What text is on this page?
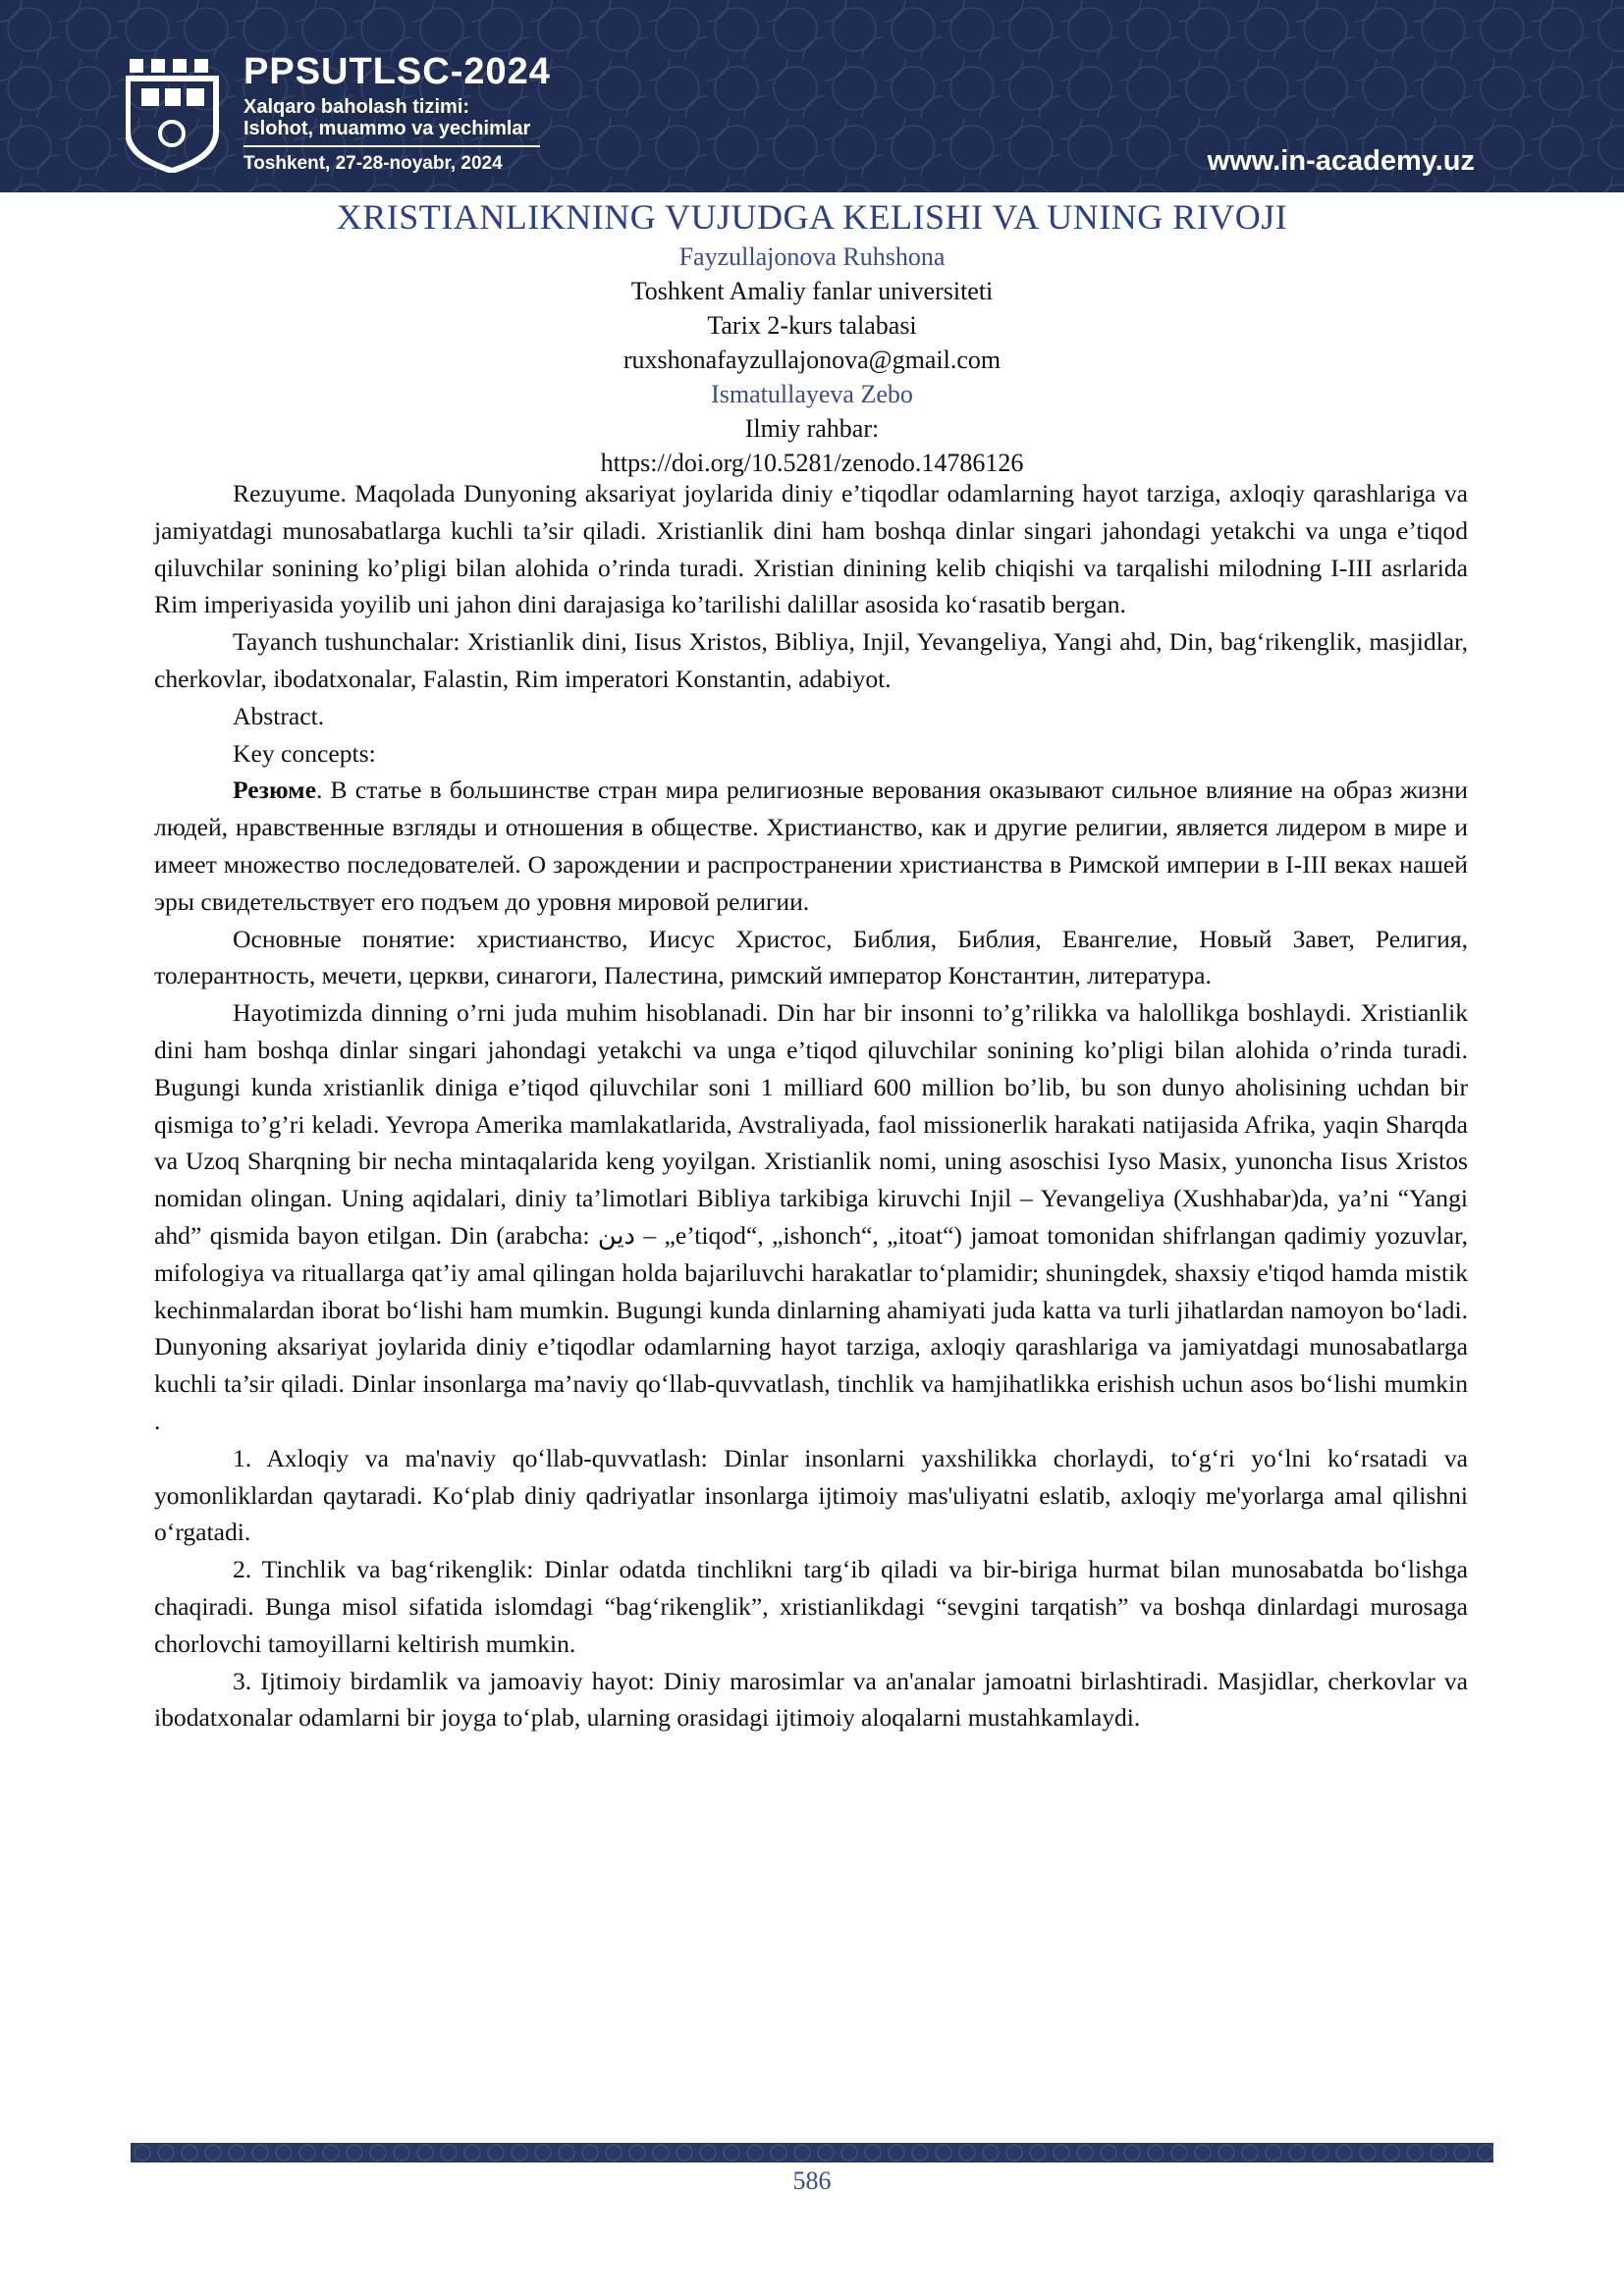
PPSUTLSC-2024
Xalqaro baholash tizimi:
Islohot, muammo va yechimlar
Toshkent, 27-28-noyabr, 2024	www.in-academy.uz

XRISTIANLIKNING VUJUDGA KELISHI VA UNING RIVOJI

Fayzullajonova Ruhshona

Toshkent Amaliy fanlar universiteti

Tarix 2-kurs talabasi

ruxshonafayzullajonova@gmail.com

Ismatullayeva Zebo

Ilmiy rahbar:

https://doi.org/10.5281/zenodo.14786126

Rezuyume. Maqolada Dunyoning aksariyat joylarida diniy e’tiqodlar odamlarning hayot tarziga, axloqiy qarashlariga va jamiyatdagi munosabatlarga kuchli ta’sir qiladi. Xristianlik dini ham boshqa dinlar singari jahondagi yetakchi va unga e’tiqod qiluvchilar sonining ko’pligi bilan alohida o’rinda turadi. Xristian dinining kelib chiqishi va tarqalishi milodning I-III asrlarida Rim imperiyasida yoyilib uni jahon dini darajasiga ko’tarilishi dalillar asosida ko‘rasatib bergan.

Tayanch tushunchalar: Xristianlik dini, Iisus Xristos, Bibliya, Injil, Yevangeliya, Yangi ahd, Din, bag‘rikenglik, masjidlar, cherkovlar, ibodatxonalar, Falastin, Rim imperatori Konstantin, adabiyot.

Abstract.

Key concepts:

Резюме. В статье в большинстве стран мира религиозные верования оказывают сильное влияние на образ жизни людей, нравственные взгляды и отношения в обществе. Христианство, как и другие религии, является лидером в мире и имеет множество последователей. О зарождении и распространении христианства в Римской империи в I-III веках нашей эры свидетельствует его подъем до уровня мировой религии.

Основные понятие: христианство, Иисус Христос, Библия, Библия, Евангелие, Новый Завет, Религия, толерантность, мечети, церкви, синагоги, Палестина, римский император Константин, литература.

Hayotimizda dinning o’rni juda muhim hisoblanadi. Din har bir insonni to’g’rilikka va halollikga boshlaydi. Xristianlik dini ham boshqa dinlar singari jahondagi yetakchi va unga e’tiqod qiluvchilar sonining ko’pligi bilan alohida o’rinda turadi. Bugungi kunda xristianlik diniga e’tiqod qiluvchilar soni 1 milliard 600 million bo’lib, bu son dunyo aholisining uchdan bir qismiga to’g’ri keladi. Yevropa Amerika mamlakatlarida, Avstraliyada, faol missionerlik harakati natijasida Afrika, yaqin Sharqda va Uzoq Sharqning bir necha mintaqalarida keng yoyilgan. Xristianlik nomi, uning asoschisi Iyso Masix, yunoncha Iisus Xristos nomidan olingan. Uning aqidalari, diniy ta’limotlari Bibliya tarkibiga kiruvchi Injil – Yevangeliya (Xushhabar)da, ya’ni “Yangi ahd” qismida bayon etilgan. Din (arabcha: دين – „e’tiqod“, „ishonch“, „itoat“) jamoat tomonidan shifrlangan qadimiy yozuvlar, mifologiya va rituallarga qat’iy amal qilingan holda bajariluvchi harakatlar to‘plamidir; shuningdek, shaxsiy e'tiqod hamda mistik kechinmalardan iborat bo‘lishi ham mumkin. Bugungi kunda dinlarning ahamiyati juda katta va turli jihatlardan namoyon bo‘ladi. Dunyoning aksariyat joylarida diniy e’tiqodlar odamlarning hayot tarziga, axloqiy qarashlariga va jamiyatdagi munosabatlarga kuchli ta’sir qiladi. Dinlar insonlarga ma’naviy qo‘llab-quvvatlash, tinchlik va hamjihatlikka erishish uchun asos bo‘lishi mumkin .

1. Axloqiy va ma'naviy qo‘llab-quvvatlash: Dinlar insonlarni yaxshilikka chorlaydi, to‘g‘ri yo‘lni ko‘rsatadi va yomonliklardan qaytaradi. Ko‘plab diniy qadriyatlar insonlarga ijtimoiy mas'uliyatni eslatib, axloqiy me'yorlarga amal qilishni o‘rgatadi.

2. Tinchlik va bag‘rikenglik: Dinlar odatda tinchlikni targ‘ib qiladi va bir-biriga hurmat bilan munosabatda bo‘lishga chaqiradi. Bunga misol sifatida islomdagi “bag‘rikenglik”, xristianlikdagi “sevgini tarqatish” va boshqa dinlardagi murosaga chorlovchi tamoyillarni keltirish mumkin.

3. Ijtimoiy birdamlik va jamoaviy hayot: Diniy marosimlar va an'analar jamoatni birlashtiradi. Masjidlar, cherkovlar va ibodatxonalar odamlarni bir joyga to‘plab, ularning orasidagi ijtimoiy aloqalarni mustahkamlaydi.

586
